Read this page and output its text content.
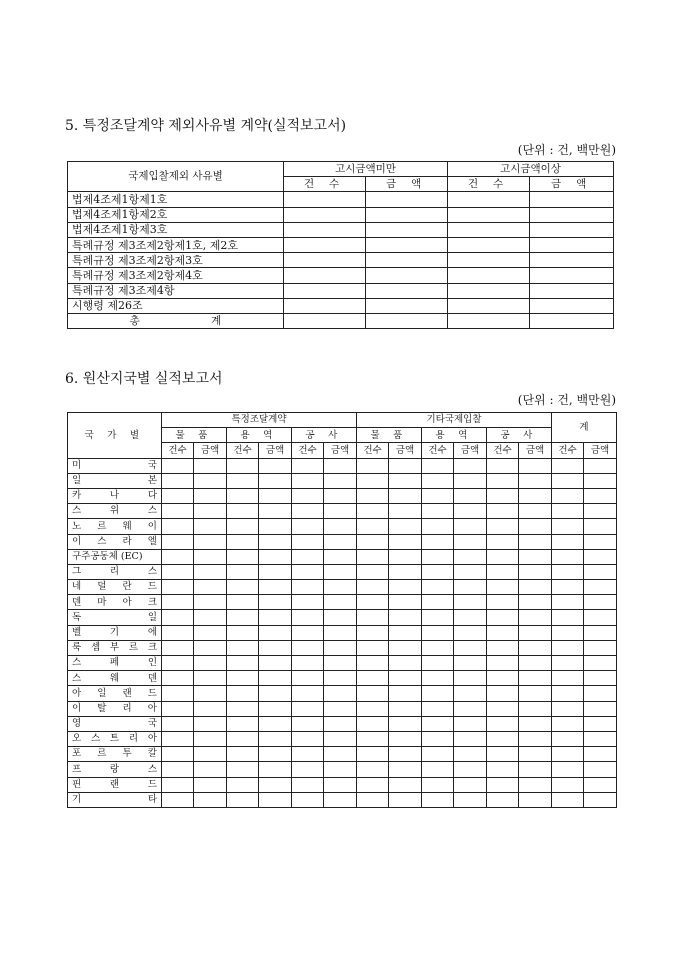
5. 특정조달계약 제외사유별 계약(실적보고서)
(단위 : 건, 백만원)
국제입찰제외 사유별	고시금액미만		고시금액이상	
	건 수	금 액	건 수	금 액
법제4조제1항제1호				
법제4조제1항제2호				
법제4조제1항제3호				
특례규정 제3조제2항제1호, 제2호				
특례규정 제3조제2항제3호				
특례규정 제3조제2항제4호				
특례규정 제3조제4항				
시행령 제26조				

총 계				

6. 원산지국별 실적보고서
(단위 : 건, 백만원)
국 가 별	특정조달계약						기타국제입찰						계	
	물 품		용 역		공 사		물 품		용 역		공 사			
	건수	금액	건수	금액	건수	금액	건수	금액	건수	금액	건수	금액	건수	금액

미 국														

일 본														

카 나 다														

스 위 스														

노 르 웨 이														

이 스 라 엘														

구주공동체 (EC)														

그 리 스														

네 덜 란 드														

덴 마 아 크														

독 일														

벨 기 에														

룩 셈 부 르 크														

스 페 인														

스 웨 덴														

아 일 랜 드														

이 탈 리 아														

영 국														

오 스 트 리 아														

포 르 투 칼														

프 랑 스														

핀 랜 드														

기 타														
